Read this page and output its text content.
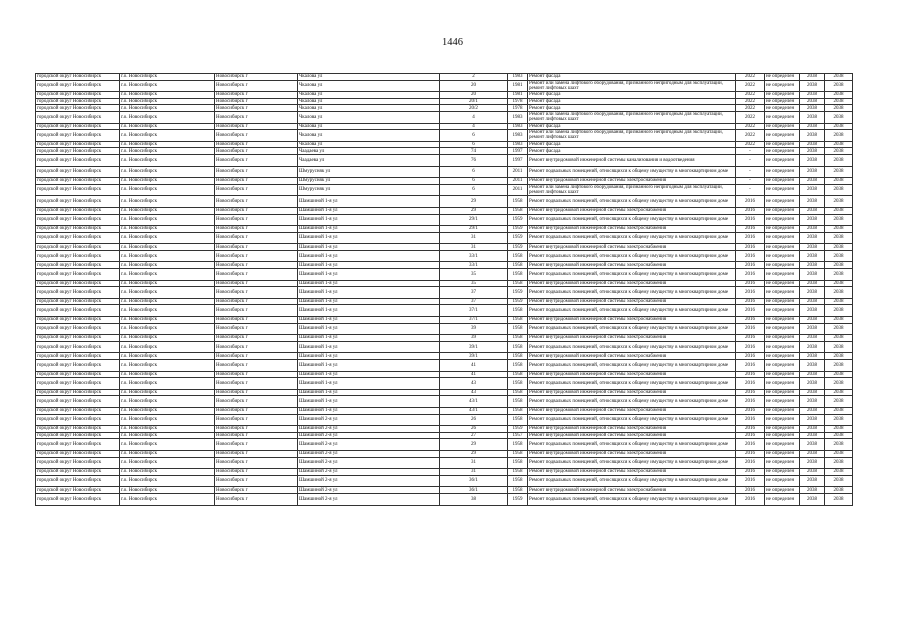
1446
городской округ Новосибирск	г.о. Новосибирск	Новосибирск г	Чкалова ул	2	1983	Ремонт фасада	2022	не определен	2038	2038
городской округ Новосибирск	г.о. Новосибирск	Новосибирск г	Чкалова ул	20	1981	Ремонт или замена лифтового оборудования, признанного непригодным для эксплуатации, ремонт лифтовых шахт	2022	не определен	2038	2038
городской округ Новосибирск	г.о. Новосибирск	Новосибирск г	Чкалова ул	20	1981	Ремонт фасада	2022	не определен	2038	2038
городской округ Новосибирск	г.о. Новосибирск	Новосибирск г	Чкалова ул	20/1	1978	Ремонт фасада	2022	не определен	2038	2038
городской округ Новосибирск	г.о. Новосибирск	Новосибирск г	Чкалова ул	20/2	1978	Ремонт фасада	2022	не определен	2038	2038
городской округ Новосибирск	г.о. Новосибирск	Новосибирск г	Чкалова ул	4	1983	Ремонт или замена лифтового оборудования, признанного непригодным для эксплуатации, ремонт лифтовых шахт	2022	не определен	2038	2038
городской округ Новосибирск	г.о. Новосибирск	Новосибирск г	Чкалова ул	4	1983	Ремонт фасада	2022	не определен	2038	2038
городской округ Новосибирск	г.о. Новосибирск	Новосибирск г	Чкалова ул	6	1983	Ремонт или замена лифтового оборудования, признанного непригодным для эксплуатации, ремонт лифтовых шахт	2022	не определен	2038	2038
городской округ Новосибирск	г.о. Новосибирск	Новосибирск г	Чкалова ул	6	1983	Ремонт фасада	2022	не определен	2038	2038
городской округ Новосибирск	г.о. Новосибирск	Новосибирск г	Чаадаева ул	74	1997	Ремонт фасада	-	не определен	2038	2038
городской округ Новосибирск	г.о. Новосибирск	Новосибирск г	Чаадаева ул	76	1997	Ремонт внутридомовой инженерной системы канализования и водоотведения	-	не определен	2038	2038
городской округ Новосибирск	г.о. Новосибирск	Новосибирск г	Шмурусняк ул	6	2011	Ремонт подвальных помещений, относящихся к общему имуществу в многоквартирном доме	-	не определен	2038	2038
городской округ Новосибирск	г.о. Новосибирск	Новосибирск г	Шмурусняк ул	6	2011	Ремонт внутридомовой инженерной системы электроснабжения	-	не определен	2038	2038
городской округ Новосибирск	г.о. Новосибирск	Новосибирск г	Шмурусняк ул	6	2011	Ремонт или замена лифтового оборудования, признанного непригодным для эксплуатации, ремонт лифтовых шахт	-	не определен	2038	2038
городской округ Новосибирск	г.о. Новосибирск	Новосибирск г	Шамшиной 1-я ул	29	1958	Ремонт подвальных помещений, относящихся к общему имуществу в многоквартирном доме	2016	не определен	2038	2038
городской округ Новосибирск	г.о. Новосибирск	Новосибирск г	Шамшиной 1-я ул	29	1958	Ремонт внутридомовой инженерной системы электроснабжения	2016	не определен	2038	2038
городской округ Новосибирск	г.о. Новосибирск	Новосибирск г	Шамшиной 1-я ул	29/1	1959	Ремонт подвальных помещений, относящихся к общему имуществу в многоквартирном доме	2016	не определен	2038	2038
городской округ Новосибирск	г.о. Новосибирск	Новосибирск г	Шамшиной 1-я ул	29/1	1959	Ремонт внутридомовой инженерной системы электроснабжения	2016	не определен	2038	2038
городской округ Новосибирск	г.о. Новосибирск	Новосибирск г	Шамшиной 1-я ул	31	1959	Ремонт подвальных помещений, относящихся к общему имуществу в многоквартирном доме	2016	не определен	2038	2038
городской округ Новосибирск	г.о. Новосибирск	Новосибирск г	Шамшиной 1-я ул	31	1959	Ремонт внутридомовой инженерной системы электроснабжения	2016	не определен	2038	2038
городской округ Новосибирск	г.о. Новосибирск	Новосибирск г	Шамшиной 1-я ул	33/1	1958	Ремонт подвальных помещений, относящихся к общему имуществу в многоквартирном доме	2016	не определен	2038	2038
городской округ Новосибирск	г.о. Новосибирск	Новосибирск г	Шамшиной 1-я ул	33/1	1958	Ремонт внутридомовой инженерной системы электроснабжения	2016	не определен	2038	2038
городской округ Новосибирск	г.о. Новосибирск	Новосибирск г	Шамшиной 1-я ул	35	1958	Ремонт подвальных помещений, относящихся к общему имуществу в многоквартирном доме	2016	не определен	2038	2038
городской округ Новосибирск	г.о. Новосибирск	Новосибирск г	Шамшиной 1-я ул	35	1958	Ремонт внутридомовой инженерной системы электроснабжения	2016	не определен	2038	2038
городской округ Новосибирск	г.о. Новосибирск	Новосибирск г	Шамшиной 1-я ул	37	1959	Ремонт подвальных помещений, относящихся к общему имуществу в многоквартирном доме	2016	не определен	2038	2038
городской округ Новосибирск	г.о. Новосибирск	Новосибирск г	Шамшиной 1-я ул	37	1959	Ремонт внутридомовой инженерной системы электроснабжения	2016	не определен	2038	2038
городской округ Новосибирск	г.о. Новосибирск	Новосибирск г	Шамшиной 1-я ул	37/1	1958	Ремонт подвальных помещений, относящихся к общему имуществу в многоквартирном доме	2016	не определен	2038	2038
городской округ Новосибирск	г.о. Новосибирск	Новосибирск г	Шамшиной 1-я ул	37/1	1958	Ремонт внутридомовой инженерной системы электроснабжения	2016	не определен	2038	2038
городской округ Новосибирск	г.о. Новосибирск	Новосибирск г	Шамшиной 1-я ул	39	1958	Ремонт подвальных помещений, относящихся к общему имуществу в многоквартирном доме	2016	не определен	2038	2038
городской округ Новосибирск	г.о. Новосибирск	Новосибирск г	Шамшиной 1-я ул	39	1958	Ремонт внутридомовой инженерной системы электроснабжения	2016	не определен	2038	2038
городской округ Новосибирск	г.о. Новосибирск	Новосибирск г	Шамшиной 1-я ул	39/1	1958	Ремонт подвальных помещений, относящихся к общему имуществу в многоквартирном доме	2016	не определен	2038	2038
городской округ Новосибирск	г.о. Новосибирск	Новосибирск г	Шамшиной 1-я ул	39/1	1958	Ремонт внутридомовой инженерной системы электроснабжения	2016	не определен	2038	2038
городской округ Новосибирск	г.о. Новосибирск	Новосибирск г	Шамшиной 1-я ул	41	1958	Ремонт подвальных помещений, относящихся к общему имуществу в многоквартирном доме	2016	не определен	2038	2038
городской округ Новосибирск	г.о. Новосибирск	Новосибирск г	Шамшиной 1-я ул	41	1958	Ремонт внутридомовой инженерной системы электроснабжения	2016	не определен	2038	2038
городской округ Новосибирск	г.о. Новосибирск	Новосибирск г	Шамшиной 1-я ул	43	1958	Ремонт подвальных помещений, относящихся к общему имуществу в многоквартирном доме	2016	не определен	2038	2038
городской округ Новосибирск	г.о. Новосибирск	Новосибирск г	Шамшиной 1-я ул	43	1958	Ремонт внутридомовой инженерной системы электроснабжения	2016	не определен	2038	2038
городской округ Новосибирск	г.о. Новосибирск	Новосибирск г	Шамшиной 1-я ул	43/1	1958	Ремонт подвальных помещений, относящихся к общему имуществу в многоквартирном доме	2016	не определен	2038	2038
городской округ Новосибирск	г.о. Новосибирск	Новосибирск г	Шамшиной 1-я ул	43/1	1958	Ремонт внутридомовой инженерной системы электроснабжения	2016	не определен	2038	2038
городской округ Новосибирск	г.о. Новосибирск	Новосибирск г	Шамшиной 2-я ул	26	1958	Ремонт подвальных помещений, относящихся к общему имуществу в многоквартирном доме	2016	не определен	2038	2038
городской округ Новосибирск	г.о. Новосибирск	Новосибирск г	Шамшиной 2-я ул	26	1959	Ремонт внутридомовой инженерной системы электроснабжения	2016	не определен	2038	2038
городской округ Новосибирск	г.о. Новосибирск	Новосибирск г	Шамшиной 2-я ул	27	1957	Ремонт внутридомовой инженерной системы электроснабжения	2016	не определен	2038	2038
городской округ Новосибирск	г.о. Новосибирск	Новосибирск г	Шамшиной 2-я ул	29	1958	Ремонт подвальных помещений, относящихся к общему имуществу в многоквартирном доме	2016	не определен	2038	2038
городской округ Новосибирск	г.о. Новосибирск	Новосибирск г	Шамшиной 2-я ул	29	1958	Ремонт внутридомовой инженерной системы электроснабжения	2016	не определен	2038	2038
городской округ Новосибирск	г.о. Новосибирск	Новосибирск г	Шамшиной 2-я ул	31	1958	Ремонт подвальных помещений, относящихся к общему имуществу в многоквартирном доме	2016	не определен	2038	2038
городской округ Новосибирск	г.о. Новосибирск	Новосибирск г	Шамшиной 2-я ул	31	1958	Ремонт внутридомовой инженерной системы электроснабжения	2016	не определен	2038	2038
городской округ Новосибирск	г.о. Новосибирск	Новосибирск г	Шамшиной 2-я ул	36/1	1958	Ремонт подвальных помещений, относящихся к общему имуществу в многоквартирном доме	2016	не определен	2038	2038
городской округ Новосибирск	г.о. Новосибирск	Новосибирск г	Шамшиной 2-я ул	36/1	1958	Ремонт внутридомовой инженерной системы электроснабжения	2016	не определен	2038	2038
городской округ Новосибирск	г.о. Новосибирск	Новосибирск г	Шамшиной 2-я ул	38	1959	Ремонт подвальных помещений, относящихся к общему имуществу в многоквартирном доме	2016	не определен	2038	2038
